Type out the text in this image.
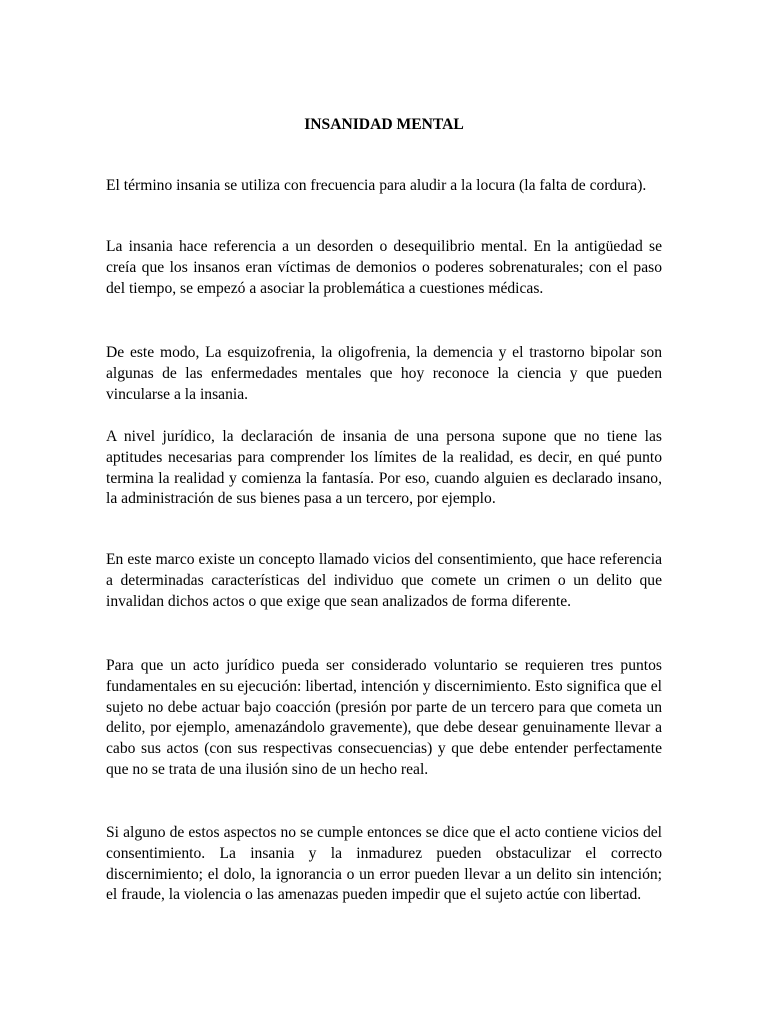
INSANIDAD MENTAL

El término insania se utiliza con frecuencia para aludir a la locura (la falta de cordura).

La insania hace referencia a un desorden o desequilibrio mental. En la antigüedad se creía que los insanos eran víctimas de demonios o poderes sobrenaturales; con el paso del tiempo, se empezó a asociar la problemática a cuestiones médicas.

De este modo, La esquizofrenia, la oligofrenia, la demencia y el trastorno bipolar son algunas de las enfermedades mentales que hoy reconoce la ciencia y que pueden vincularse a la insania.

A nivel jurídico, la declaración de insania de una persona supone que no tiene las aptitudes necesarias para comprender los límites de la realidad, es decir, en qué punto termina la realidad y comienza la fantasía. Por eso, cuando alguien es declarado insano, la administración de sus bienes pasa a un tercero, por ejemplo.

En este marco existe un concepto llamado vicios del consentimiento, que hace referencia a determinadas características del individuo que comete un crimen o un delito que invalidan dichos actos o que exige que sean analizados de forma diferente.

Para que un acto jurídico pueda ser considerado voluntario se requieren tres puntos fundamentales en su ejecución: libertad, intención y discernimiento. Esto significa que el sujeto no debe actuar bajo coacción (presión por parte de un tercero para que cometa un delito, por ejemplo, amenazándolo gravemente), que debe desear genuinamente llevar a cabo sus actos (con sus respectivas consecuencias) y que debe entender perfectamente que no se trata de una ilusión sino de un hecho real.

Si alguno de estos aspectos no se cumple entonces se dice que el acto contiene vicios del consentimiento. La insania y la inmadurez pueden obstaculizar el correcto discernimiento; el dolo, la ignorancia o un error pueden llevar a un delito sin intención; el fraude, la violencia o las amenazas pueden impedir que el sujeto actúe con libertad.
